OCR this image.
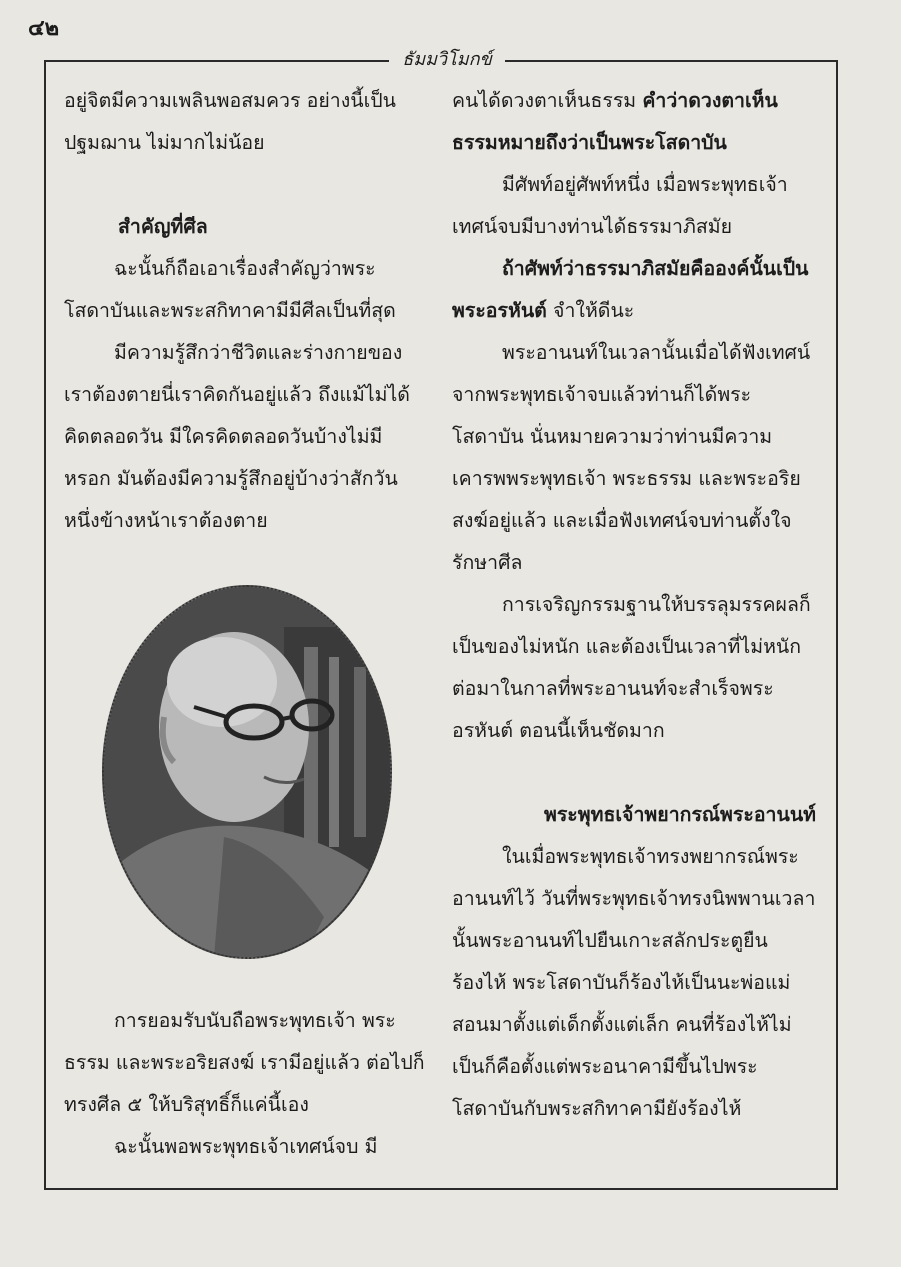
๔๒
ธัมมวิโมกข์

อยู่จิตมีความเพลินพอสมควร อย่างนี้เป็นปฐมฌาน ไม่มากไม่น้อย

สำคัญที่ศีล

ฉะนั้นก็ถือเอาเรื่องสำคัญว่าพระโสดาบันและพระสกิทาคามีมีศีลเป็นที่สุด

มีความรู้สึกว่าชีวิตและร่างกายของเราต้องตายนี่เราคิดกันอยู่แล้ว ถึงแม้ไม่ได้คิดตลอดวัน มีใครคิดตลอดวันบ้างไม่มีหรอก มันต้องมีความรู้สึกอยู่บ้างว่าสักวันหนึ่งข้างหน้าเราต้องตาย

การยอมรับนับถือพระพุทธเจ้า พระธรรม และพระอริยสงฆ์ เรามีอยู่แล้ว ต่อไปก็ทรงศีล ๕ ให้บริสุทธิ์ก็แค่นี้เอง

ฉะนั้นพอพระพุทธเจ้าเทศน์จบ มี

คนได้ดวงตาเห็นธรรม คำว่าดวงตาเห็นธรรมหมายถึงว่าเป็นพระโสดาบัน

มีศัพท์อยู่ศัพท์หนึ่ง เมื่อพระพุทธเจ้าเทศน์จบมีบางท่านได้ธรรมาภิสมัย

ถ้าศัพท์ว่าธรรมาภิสมัยคือองค์นั้นเป็นพระอรหันต์ จำให้ดีนะ

พระอานนท์ในเวลานั้นเมื่อได้ฟังเทศน์จากพระพุทธเจ้าจบแล้วท่านก็ได้พระโสดาบัน นั่นหมายความว่าท่านมีความเคารพพระพุทธเจ้า พระธรรม และพระอริยสงฆ์อยู่แล้ว และเมื่อฟังเทศน์จบท่านตั้งใจรักษาศีล

การเจริญกรรมฐานให้บรรลุมรรคผลก็เป็นของไม่หนัก และต้องเป็นเวลาที่ไม่หนัก ต่อมาในกาลที่พระอานนท์จะสำเร็จพระอรหันต์ ตอนนี้เห็นชัดมาก

พระพุทธเจ้าพยากรณ์พระอานนท์

ในเมื่อพระพุทธเจ้าทรงพยากรณ์พระอานนท์ไว้ วันที่พระพุทธเจ้าทรงนิพพานเวลานั้นพระอานนท์ไปยืนเกาะสลักประตูยืนร้องไห้ พระโสดาบันก็ร้องไห้เป็นนะพ่อแม่สอนมาตั้งแต่เด็กตั้งแต่เล็ก คนที่ร้องไห้ไม่เป็นก็คือตั้งแต่พระอนาคามีขึ้นไปพระโสดาบันกับพระสกิทาคามียังร้องไห้
